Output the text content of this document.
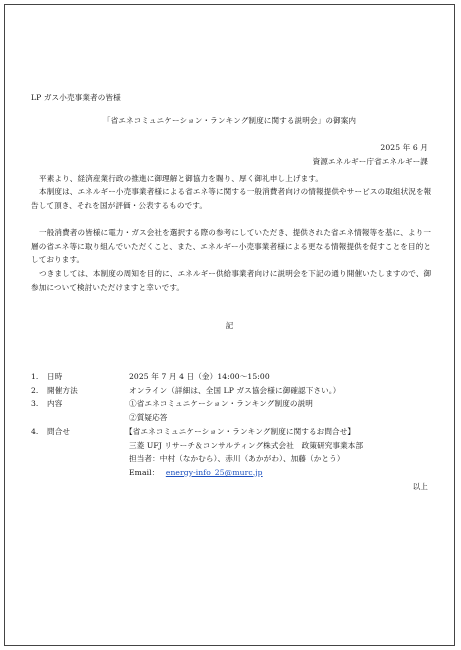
LP ガス小売事業者の皆様
「省エネコミュニケーション・ランキング制度に関する説明会」の御案内
2025 年 6 月
資源エネルギー庁省エネルギー課

平素より、経済産業行政の推進に御理解と御協力を賜り、厚く御礼申し上げます。

本制度は、エネルギー小売事業者様による省エネ等に関する一般消費者向けの情報提供やサービスの取組状況を報告して頂き、それを国が評価・公表するものです。

一般消費者の皆様に電力・ガス会社を選択する際の参考にしていただき、提供された省エネ情報等を基に、より一層の省エネ等に取り組んでいただくこと、また、エネルギー小売事業者様による更なる情報提供を促すことを目的としております。

つきましては、本制度の周知を目的に、エネルギー供給事業者向けに説明会を下記の通り開催いたしますので、御参加について検討いただけますと幸いです。

記
1. 日時	2025 年 7 月 4 日（金）14:00～15:00
2. 開催方法	オンライン（詳細は、全国 LP ガス協会様に御確認下さい。）
3. 内容	①省エネコミュニケーション・ランキング制度の説明
②質疑応答
4. 問合せ	【省エネコミュニケーション・ランキング制度に関するお問合せ】
三菱 UFJ リサーチ＆コンサルティング株式会社　政策研究事業本部
担当者：中村（なかむら）、赤川（あかがわ）、加藤（かとう）
Email： energy-info_25@murc.jp
以上
